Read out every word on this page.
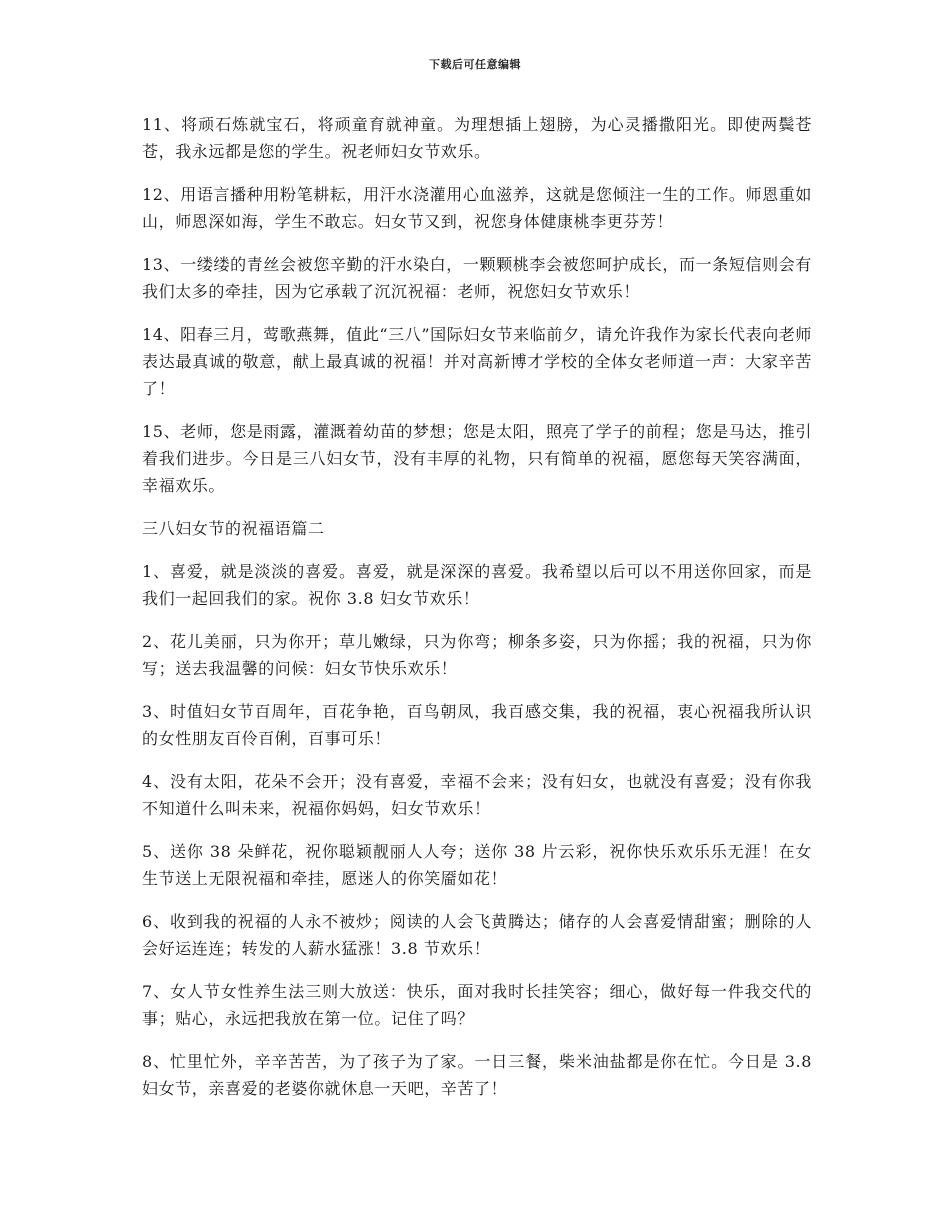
下载后可任意编辑

11、将顽石炼就宝石，将顽童育就神童。为理想插上翅膀，为心灵播撒阳光。即使两鬓苍苍，我永远都是您的学生。祝老师妇女节欢乐。

12、用语言播种用粉笔耕耘，用汗水浇灌用心血滋养，这就是您倾注一生的工作。师恩重如山，师恩深如海，学生不敢忘。妇女节又到，祝您身体健康桃李更芬芳！

13、一缕缕的青丝会被您辛勤的汗水染白，一颗颗桃李会被您呵护成长，而一条短信则会有我们太多的牵挂，因为它承载了沉沉祝福：老师，祝您妇女节欢乐！

14、阳春三月，莺歌燕舞，值此“三八”国际妇女节来临前夕，请允许我作为家长代表向老师表达最真诚的敬意，献上最真诚的祝福！并对高新博才学校的全体女老师道一声：大家辛苦了！

15、老师，您是雨露，灌溉着幼苗的梦想；您是太阳，照亮了学子的前程；您是马达，推引着我们进步。今日是三八妇女节，没有丰厚的礼物，只有简单的祝福，愿您每天笑容满面，幸福欢乐。

三八妇女节的祝福语篇二

1、喜爱，就是淡淡的喜爱。喜爱，就是深深的喜爱。我希望以后可以不用送你回家，而是我们一起回我们的家。祝你 3.8 妇女节欢乐！

2、花儿美丽，只为你开；草儿嫩绿，只为你弯；柳条多姿，只为你摇；我的祝福，只为你写；送去我温馨的问候：妇女节快乐欢乐！

3、时值妇女节百周年，百花争艳，百鸟朝凤，我百感交集，我的祝福，衷心祝福我所认识的女性朋友百伶百俐，百事可乐！

4、没有太阳，花朵不会开；没有喜爱，幸福不会来；没有妇女，也就没有喜爱；没有你我不知道什么叫未来，祝福你妈妈，妇女节欢乐！

5、送你 38 朵鲜花，祝你聪颖靓丽人人夸；送你 38 片云彩，祝你快乐欢乐乐无涯！在女生节送上无限祝福和牵挂，愿迷人的你笑靥如花！

6、收到我的祝福的人永不被炒；阅读的人会飞黄腾达；储存的人会喜爱情甜蜜；删除的人会好运连连；转发的人薪水猛涨！3.8 节欢乐！

7、女人节女性养生法三则大放送：快乐，面对我时长挂笑容；细心，做好每一件我交代的事；贴心，永远把我放在第一位。记住了吗？

8、忙里忙外，辛辛苦苦，为了孩子为了家。一日三餐，柴米油盐都是你在忙。今日是 3.8 妇女节，亲喜爱的老婆你就休息一天吧，辛苦了！
